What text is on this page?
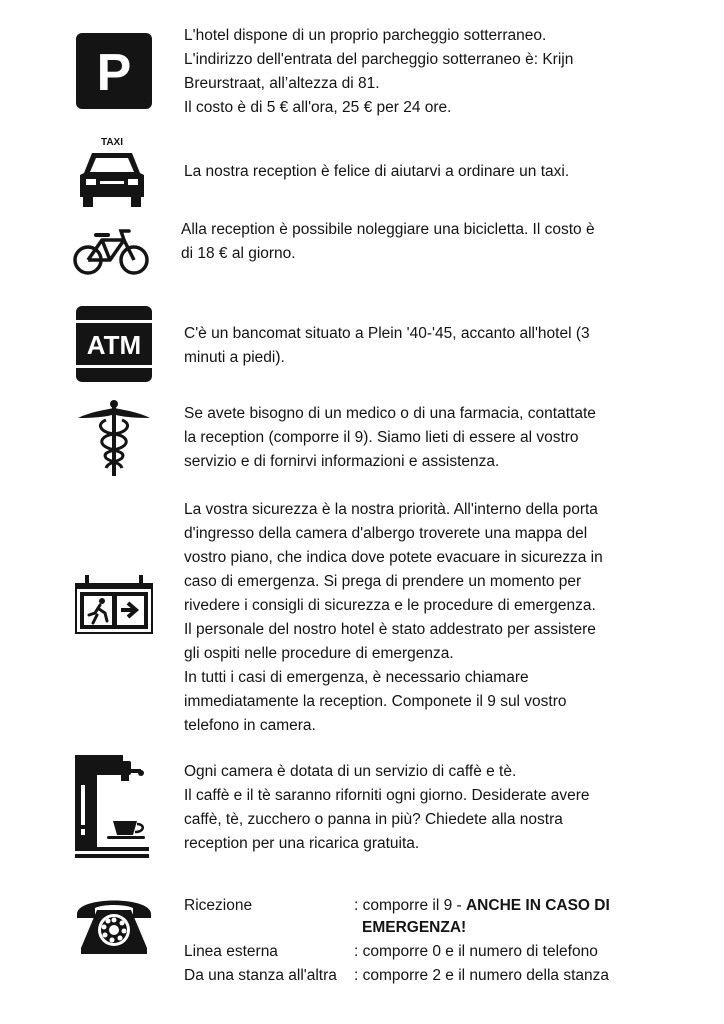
P

L'hotel dispone di un proprio parcheggio sotterraneo.

L'indirizzo dell'entrata del parcheggio sotterraneo è: Krijn

Breurstraat, all’altezza di 81.

Il costo è di 5 € all'ora, 25 € per 24 ore.

TAXI

La nostra reception è felice di aiutarvi a ordinare un taxi.

Alla reception è possibile noleggiare una bicicletta. Il costo è

di 18 € al giorno.

ATM	C'è un bancomat situato a Plein '40-'45, accanto all'hotel (3

minuti a piedi).

Se avete bisogno di un medico o di una farmacia, contattate

la reception (comporre il 9). Siamo lieti di essere al vostro

servizio e di fornirvi informazioni e assistenza.

La vostra sicurezza è la nostra priorità. All'interno della porta

d'ingresso della camera d'albergo troverete una mappa del

vostro piano, che indica dove potete evacuare in sicurezza in

caso di emergenza. Si prega di prendere un momento per

rivedere i consigli di sicurezza e le procedure di emergenza.

Il personale del nostro hotel è stato addestrato per assistere

gli ospiti nelle procedure di emergenza.

In tutti i casi di emergenza, è necessario chiamare

immediatamente la reception. Componete il 9 sul vostro

telefono in camera.

Ogni camera è dotata di un servizio di caffè e tè.

Il caffè e il tè saranno riforniti ogni giorno. Desiderate avere

caffè, tè, zucchero o panna in più? Chiedete alla nostra

reception per una ricarica gratuita.

Ricezione	: comporre il 9 - ANCHE IN CASO DI
EMERGENZA!
Linea esterna	: comporre 0 e il numero di telefono
Da una stanza all'altra : comporre 2 e il numero della stanza
